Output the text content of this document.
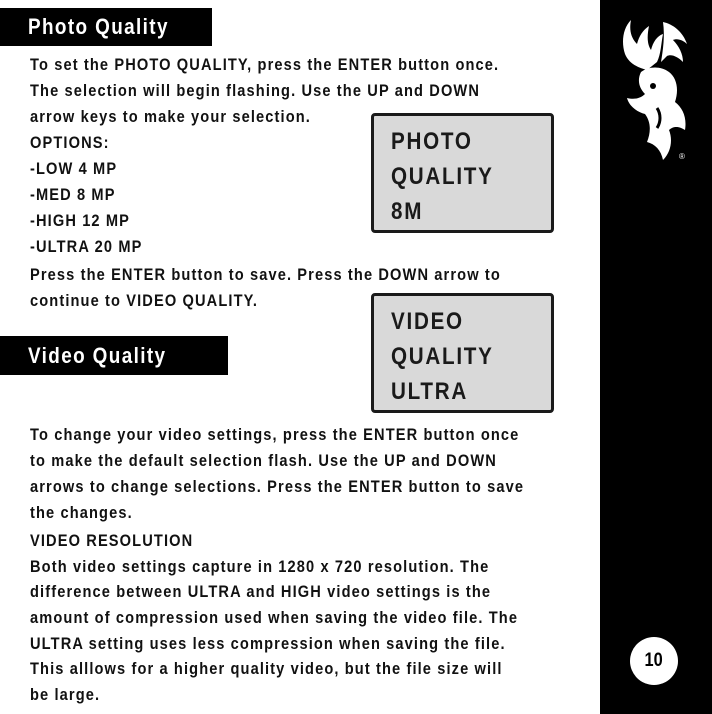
Photo Quality
To set the PHOTO QUALITY, press the ENTER button once.
The selection will begin flashing. Use the UP and DOWN
arrow keys to make your selection.
OPTIONS:
-LOW 4 MP
-MED 8 MP
-HIGH 12 MP
-ULTRA 20 MP
Press the ENTER button to save. Press the DOWN arrow to
continue to VIDEO QUALITY.
PHOTO
QUALITY
8M
Video Quality
VIDEO
QUALITY
ULTRA
To change your video settings, press the ENTER button once
to make the default selection flash. Use the UP and DOWN
arrows to change selections. Press the ENTER button to save
the changes.
VIDEO RESOLUTION
Both video settings capture in 1280 x 720 resolution. The
difference between ULTRA and HIGH video settings is the
amount of compression used when saving the video file. The
ULTRA setting uses less compression when saving the file.
This alllows for a higher quality video, but the file size will
be large.
®
10
